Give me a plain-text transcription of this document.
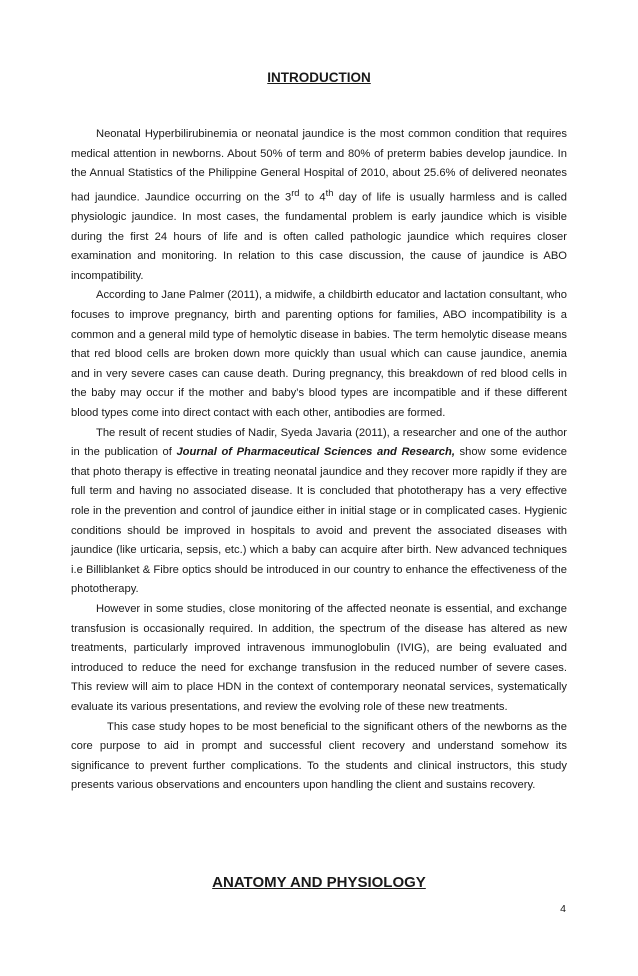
INTRODUCTION

Neonatal Hyperbilirubinemia or neonatal jaundice is the most common condition that requires medical attention in newborns. About 50% of term and 80% of preterm babies develop jaundice. In the Annual Statistics of the Philippine General Hospital of 2010, about 25.6% of delivered neonates had jaundice. Jaundice occurring on the 3rd to 4th day of life is usually harmless and is called physiologic jaundice. In most cases, the fundamental problem is early jaundice which is visible during the first 24 hours of life and is often called pathologic jaundice which requires closer examination and monitoring. In relation to this case discussion, the cause of jaundice is ABO incompatibility.

According to Jane Palmer (2011), a midwife, a childbirth educator and lactation consultant, who focuses to improve pregnancy, birth and parenting options for families, ABO incompatibility is a common and a general mild type of hemolytic disease in babies. The term hemolytic disease means that red blood cells are broken down more quickly than usual which can cause jaundice, anemia and in very severe cases can cause death. During pregnancy, this breakdown of red blood cells in the baby may occur if the mother and baby’s blood types are incompatible and if these different blood types come into direct contact with each other, antibodies are formed.

The result of recent studies of Nadir, Syeda Javaria (2011), a researcher and one of the author in the publication of Journal of Pharmaceutical Sciences and Research, show some evidence that photo therapy is effective in treating neonatal jaundice and they recover more rapidly if they are full term and having no associated disease. It is concluded that phototherapy has a very effective role in the prevention and control of jaundice either in initial stage or in complicated cases. Hygienic conditions should be improved in hospitals to avoid and prevent the associated diseases with jaundice (like urticaria, sepsis, etc.) which a baby can acquire after birth. New advanced techniques i.e Billiblanket & Fibre optics should be introduced in our country to enhance the effectiveness of the phototherapy.

However in some studies, close monitoring of the affected neonate is essential, and exchange transfusion is occasionally required. In addition, the spectrum of the disease has altered as new treatments, particularly improved intravenous immunoglobulin (IVIG), are being evaluated and introduced to reduce the need for exchange transfusion in the reduced number of severe cases. This review will aim to place HDN in the context of contemporary neonatal services, systematically evaluate its various presentations, and review the evolving role of these new treatments.

This case study hopes to be most beneficial to the significant others of the newborns as the core purpose to aid in prompt and successful client recovery and understand somehow its significance to prevent further complications. To the students and clinical instructors, this study presents various observations and encounters upon handling the client and sustains recovery.

ANATOMY AND PHYSIOLOGY
4
